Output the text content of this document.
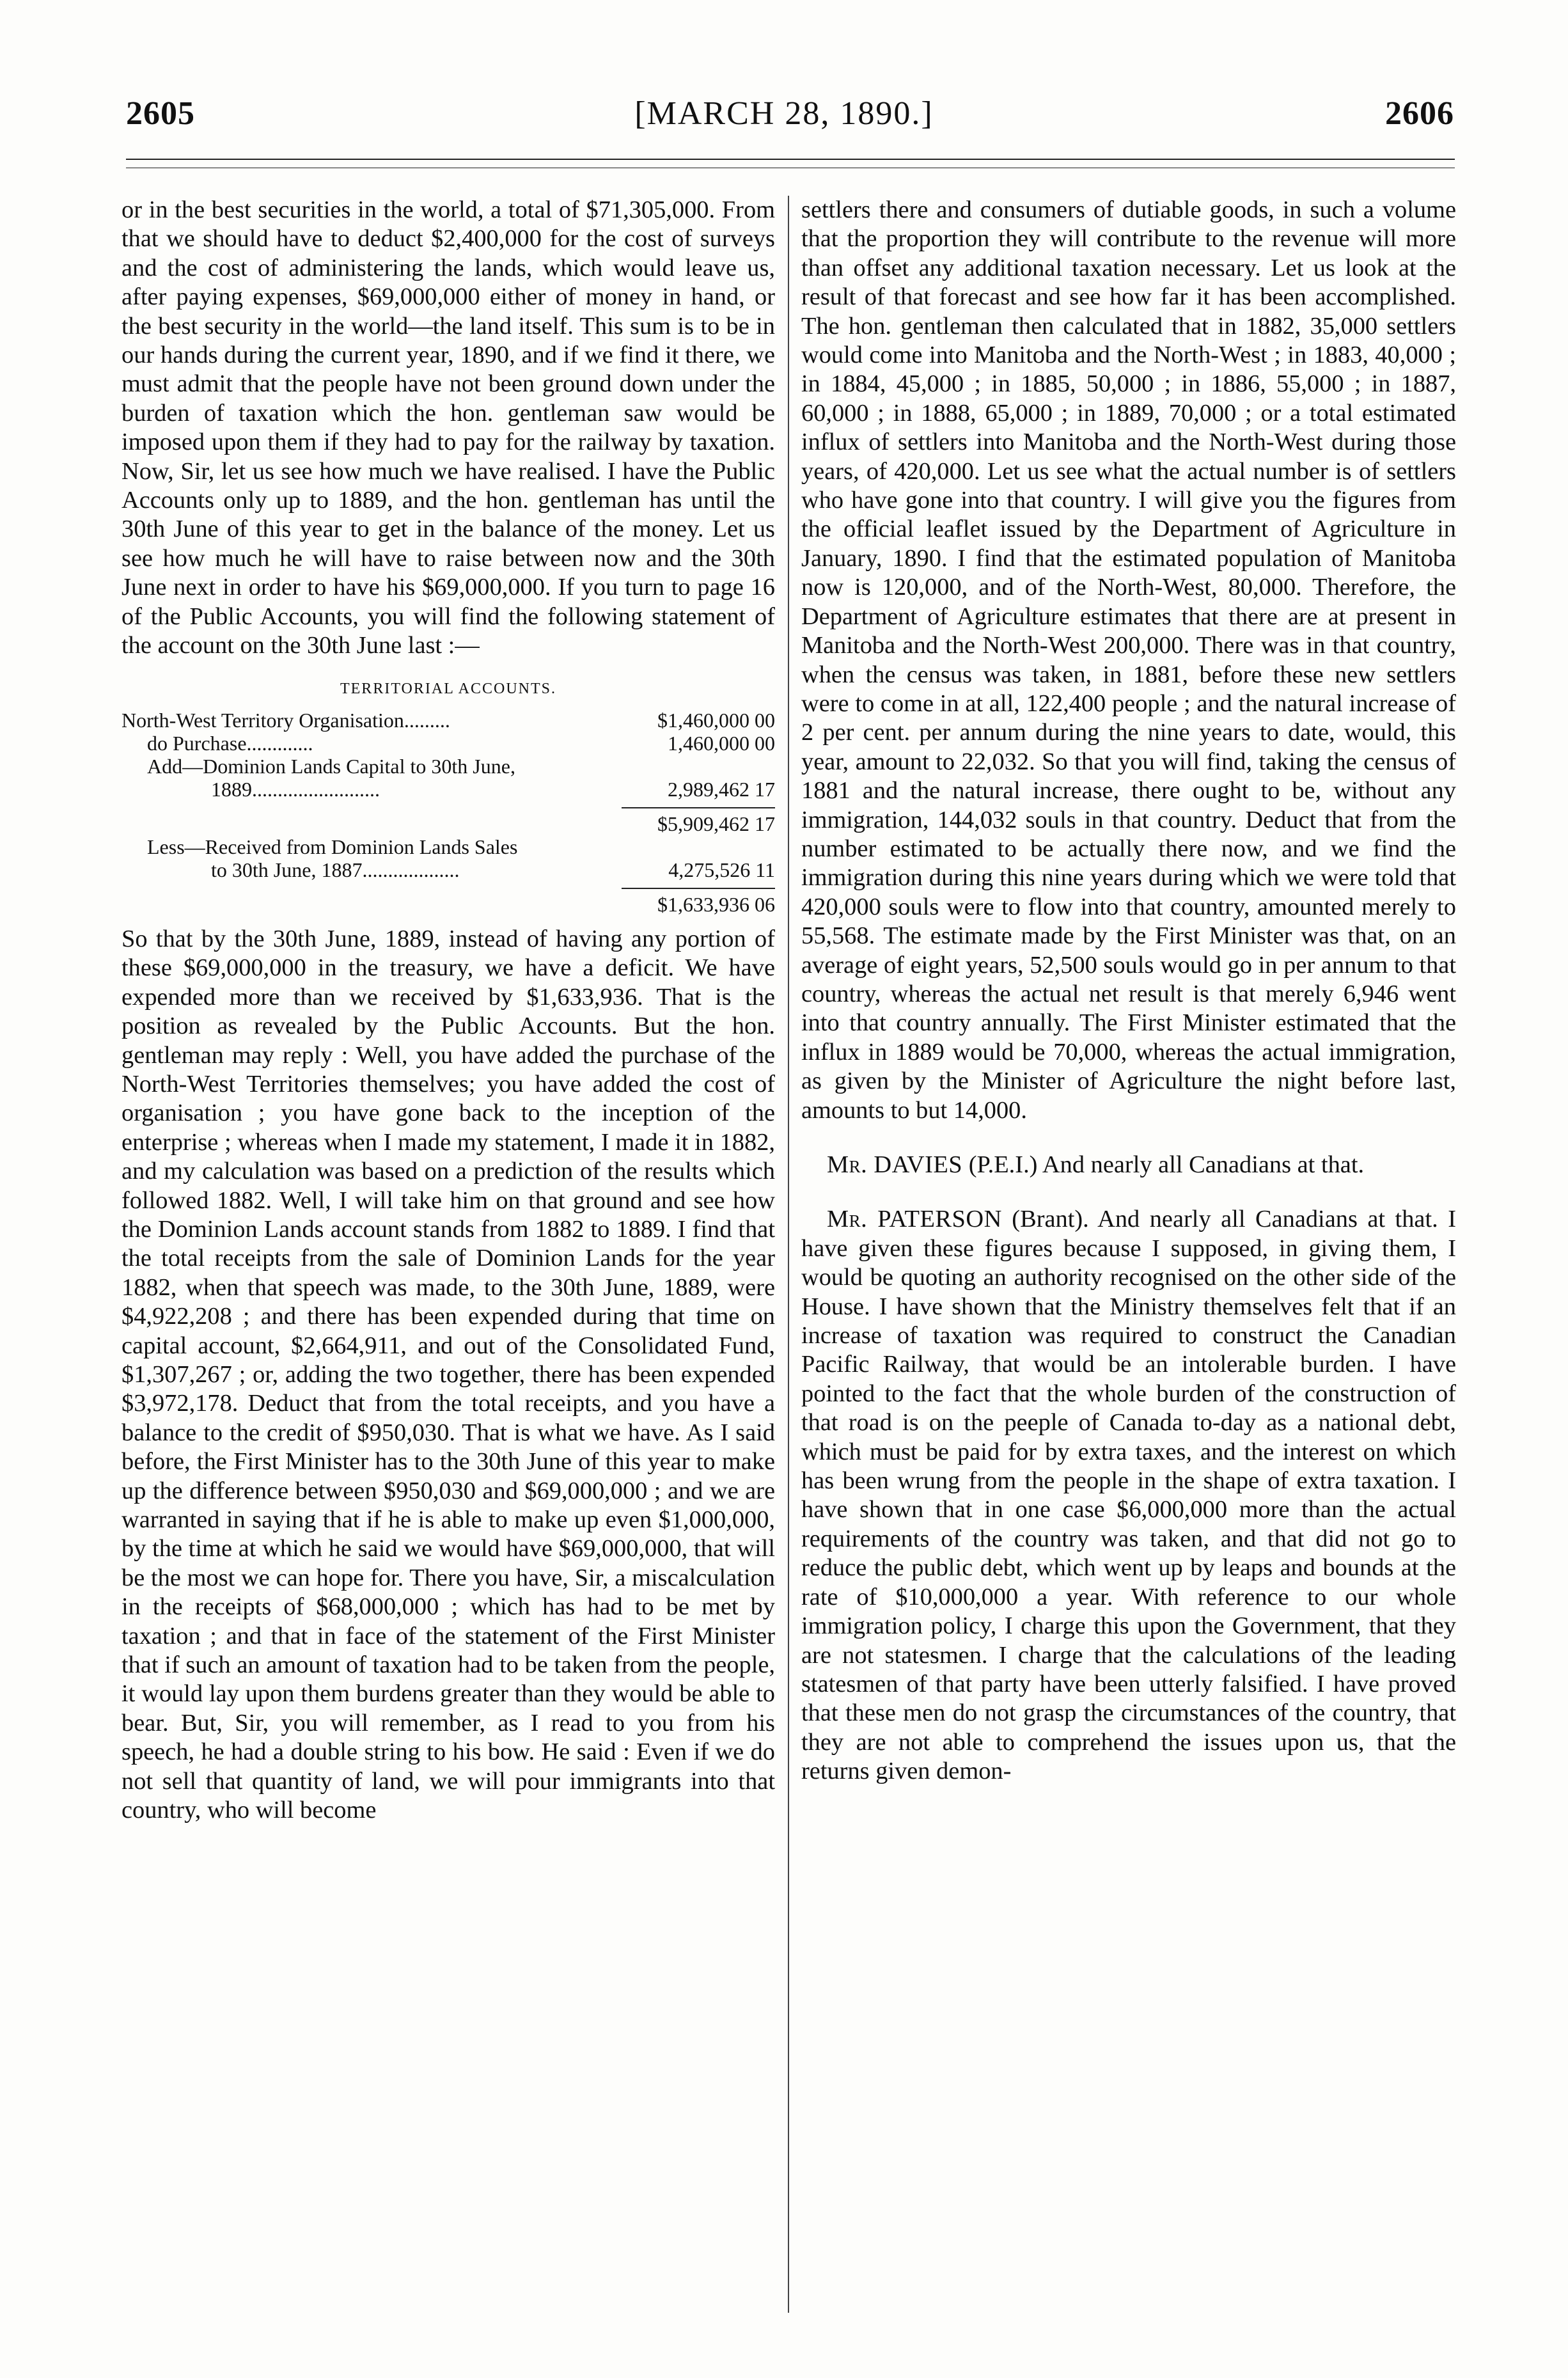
2605	[MARCH 28, 1890.]	2606

or in the best securities in the world, a total of $71,305,000. From that we should have to deduct $2,400,000 for the cost of surveys and the cost of administering the lands, which would leave us, after paying expenses, $69,000,000 either of money in hand, or the best security in the world—the land itself. This sum is to be in our hands during the current year, 1890, and if we find it there, we must admit that the people have not been ground down under the burden of taxation which the hon. gentleman saw would be imposed upon them if they had to pay for the railway by taxation. Now, Sir, let us see how much we have realised. I have the Public Accounts only up to 1889, and the hon. gentleman has until the 30th June of this year to get in the balance of the money. Let us see how much he will have to raise between now and the 30th June next in order to have his $69,000,000. If you turn to page 16 of the Public Accounts, you will find the following statement of the account on the 30th June last :—

TERRITORIAL ACCOUNTS.

North-West Territory Organisation.........	$1,460,000 00
do Purchase.............	1,460,000 00
Add—Dominion Lands Capital to 30th June,
1889.........................	2,989,462 17
$5,909,462 17
Less—Received from Dominion Lands Sales
to 30th June, 1887...................	4,275,526 11
$1,633,936 06

So that by the 30th June, 1889, instead of having any portion of these $69,000,000 in the treasury, we have a deficit. We have expended more than we received by $1,633,936. That is the position as revealed by the Public Accounts. But the hon. gentleman may reply : Well, you have added the purchase of the North-West Territories themselves; you have added the cost of organisation ; you have gone back to the inception of the enterprise ; whereas when I made my statement, I made it in 1882, and my calculation was based on a prediction of the results which followed 1882. Well, I will take him on that ground and see how the Dominion Lands account stands from 1882 to 1889. I find that the total receipts from the sale of Dominion Lands for the year 1882, when that speech was made, to the 30th June, 1889, were $4,922,208 ; and there has been expended during that time on capital account, $2,664,911, and out of the Consolidated Fund, $1,307,267 ; or, adding the two together, there has been expended $3,972,178. Deduct that from the total receipts, and you have a balance to the credit of $950,030. That is what we have. As I said before, the First Minister has to the 30th June of this year to make up the difference between $950,030 and $69,000,000 ; and we are warranted in saying that if he is able to make up even $1,000,000, by the time at which he said we would have $69,000,000, that will be the most we can hope for. There you have, Sir, a miscalculation in the receipts of $68,000,000 ; which has had to be met by taxation ; and that in face of the statement of the First Minister that if such an amount of taxation had to be taken from the people, it would lay upon them burdens greater than they would be able to bear. But, Sir, you will remember, as I read to you from his speech, he had a double string to his bow. He said : Even if we do not sell that quantity of land, we will pour immigrants into that country, who will become

settlers there and consumers of dutiable goods, in such a volume that the proportion they will contribute to the revenue will more than offset any additional taxation necessary. Let us look at the result of that forecast and see how far it has been accomplished. The hon. gentleman then calculated that in 1882, 35,000 settlers would come into Manitoba and the North-West ; in 1883, 40,000 ; in 1884, 45,000 ; in 1885, 50,000 ; in 1886, 55,000 ; in 1887, 60,000 ; in 1888, 65,000 ; in 1889, 70,000 ; or a total estimated influx of settlers into Manitoba and the North-West during those years, of 420,000. Let us see what the actual number is of settlers who have gone into that country. I will give you the figures from the official leaflet issued by the Department of Agriculture in January, 1890. I find that the estimated population of Manitoba now is 120,000, and of the North-West, 80,000. Therefore, the Department of Agriculture estimates that there are at present in Manitoba and the North-West 200,000. There was in that country, when the census was taken, in 1881, before these new settlers were to come in at all, 122,400 people ; and the natural increase of 2 per cent. per annum during the nine years to date, would, this year, amount to 22,032. So that you will find, taking the census of 1881 and the natural increase, there ought to be, without any immigration, 144,032 souls in that country. Deduct that from the number estimated to be actually there now, and we find the immigration during this nine years during which we were told that 420,000 souls were to flow into that country, amounted merely to 55,568. The estimate made by the First Minister was that, on an average of eight years, 52,500 souls would go in per annum to that country, whereas the actual net result is that merely 6,946 went into that country annually. The First Minister estimated that the influx in 1889 would be 70,000, whereas the actual immigration, as given by the Minister of Agriculture the night before last, amounts to but 14,000.

Mr. DAVIES (P.E.I.) And nearly all Canadians at that.

Mr. PATERSON (Brant). And nearly all Canadians at that. I have given these figures because I supposed, in giving them, I would be quoting an authority recognised on the other side of the House. I have shown that the Ministry themselves felt that if an increase of taxation was required to construct the Canadian Pacific Railway, that would be an intolerable burden. I have pointed to the fact that the whole burden of the construction of that road is on the peeple of Canada to-day as a national debt, which must be paid for by extra taxes, and the interest on which has been wrung from the people in the shape of extra taxation. I have shown that in one case $6,000,000 more than the actual requirements of the country was taken, and that did not go to reduce the public debt, which went up by leaps and bounds at the rate of $10,000,000 a year. With reference to our whole immigration policy, I charge this upon the Government, that they are not statesmen. I charge that the calculations of the leading statesmen of that party have been utterly falsified. I have proved that these men do not grasp the circumstances of the country, that they are not able to comprehend the issues upon us, that the returns given demon-
